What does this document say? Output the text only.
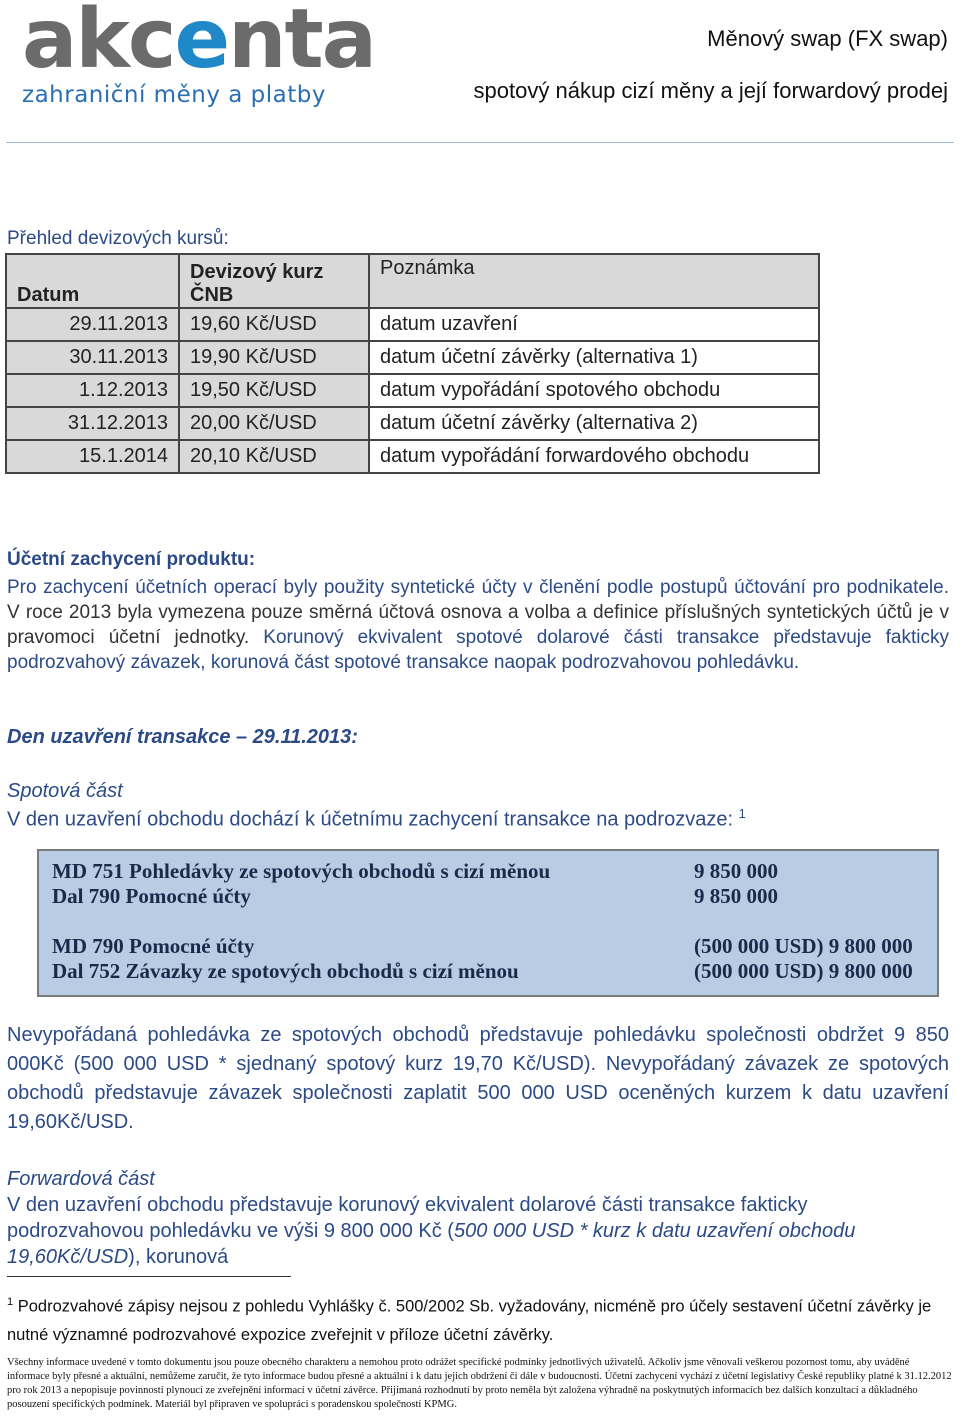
akcenta
zahraniční měny a platby
Měnový swap (FX swap)
spotový nákup cizí měny a její forwardový prodej
Přehled devizových kursů:
Datum	Devizový kurz ČNB	Poznámka
29.11.2013	19,60 Kč/USD	datum uzavření
30.11.2013	19,90 Kč/USD	datum účetní závěrky (alternativa 1)
1.12.2013	19,50 Kč/USD	datum vypořádání spotového obchodu
31.12.2013	20,00 Kč/USD	datum účetní závěrky (alternativa 2)
15.1.2014	20,10 Kč/USD	datum vypořádání forwardového obchodu
Účetní zachycení produktu:
Pro zachycení účetních operací byly použity syntetické účty v členění podle postupů účtování pro podnikatele. V roce 2013 byla vymezena pouze směrná účtová osnova a volba a definice příslušných syntetických účtů je v pravomoci účetní jednotky. Korunový ekvivalent spotové dolarové části transakce představuje fakticky podrozvahový závazek, korunová část spotové transakce naopak podrozvahovou pohledávku.
Den uzavření transakce – 29.11.2013:
Spotová část
V den uzavření obchodu dochází k účetnímu zachycení transakce na podrozvaze: $^1$
MD 751 Pohledávky ze spotových obchodů s cizí měnou	9 850 000
Dal 790 Pomocné účty	9 850 000
MD 790 Pomocné účty	(500 000 USD) 9 800 000
Dal 752 Závazky ze spotových obchodů s cizí měnou	(500 000 USD) 9 800 000
Nevypořádaná pohledávka ze spotových obchodů představuje pohledávku společnosti obdržet 9 850 000Kč (500 000 USD * sjednaný spotový kurz 19,70 Kč/USD). Nevypořádaný závazek ze spotových obchodů představuje závazek společnosti zaplatit 500 000 USD oceněných kurzem k datu uzavření 19,60Kč/USD.
Forwardová část
V den uzavření obchodu představuje korunový ekvivalent dolarové části transakce fakticky podrozvahovou pohledávku ve výši 9 800 000 Kč (500 000 USD * kurz k datu uzavření obchodu 19,60Kč/USD), korunová
$^1$ Podrozvahové zápisy nejsou z pohledu Vyhlášky č. 500/2002 Sb. vyžadovány, nicméně pro účely sestavení účetní závěrky je nutné významné podrozvahové expozice zveřejnit v příloze účetní závěrky.
Všechny informace uvedené v tomto dokumentu jsou pouze obecného charakteru a nemohou proto odrážet specifické podmínky jednotlivých uživatelů. Ačkoliv jsme věnovali veškerou pozornost tomu, aby uváděné informace byly přesné a aktuální, nemůžeme zaručit, že tyto informace budou přesné a aktuální i k datu jejich obdržení či dále v budoucnosti. Účetní zachycení vychází z účetní legislativy České republiky platné k 31.12.2012 pro rok 2013 a nepopisuje povinnosti plynoucí ze zveřejnění informací v účetní závěrce. Přijímaná rozhodnutí by proto neměla být založena výhradně na poskytnutých informacích bez dalších konzultací a důkladného posouzení specifických podmínek. Materiál byl připraven ve spolupráci s poradenskou společností KPMG.
